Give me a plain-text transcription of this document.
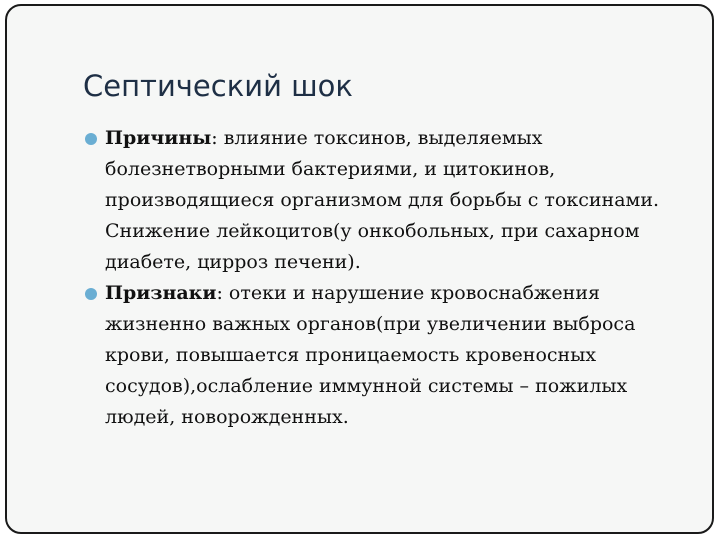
Септический шок
Причины: влияние токсинов, выделяемых болезнетворными бактериями, и цитокинов, производящиеся организмом для борьбы с токсинами. Снижение лейкоцитов(у онкобольных, при сахарном диабете, цирроз печени).
Признаки: отеки и нарушение кровоснабжения жизненно важных органов(при увеличении выброса крови, повышается проницаемость кровеносных сосудов),ослабление иммунной системы – пожилых людей, новорожденных.
